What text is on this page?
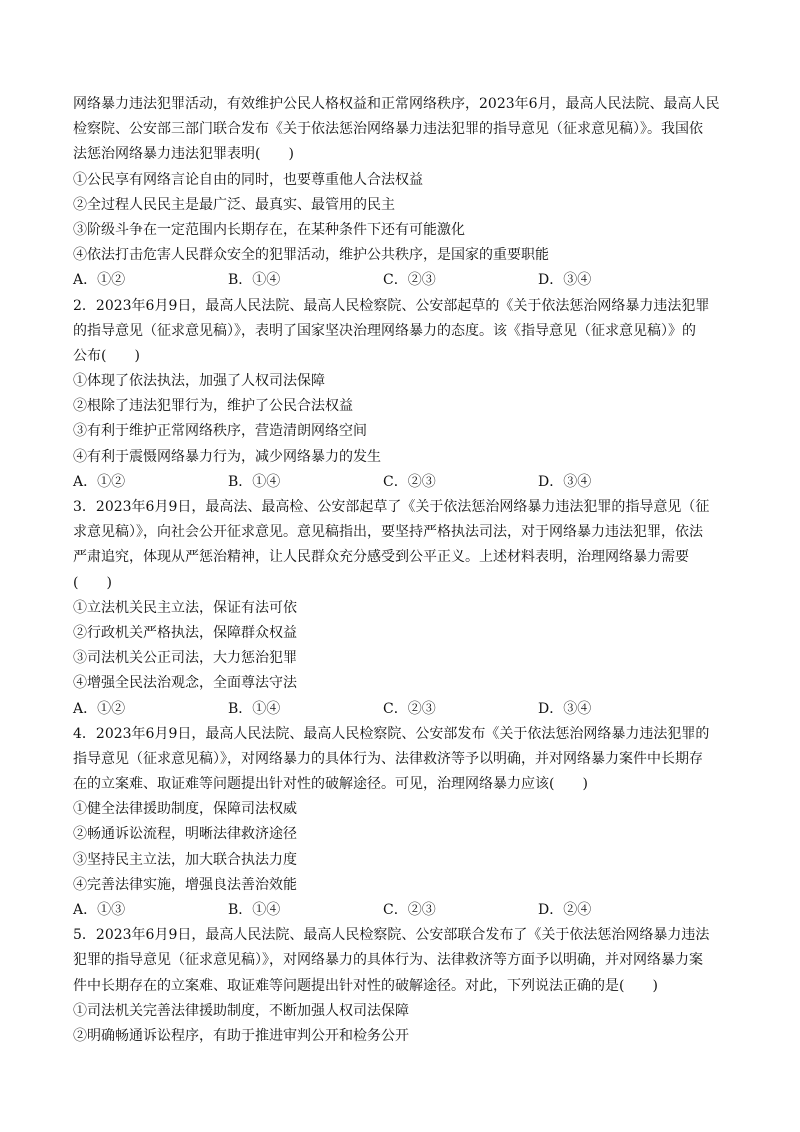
网络暴力违法犯罪活动，有效维护公民人格权益和正常网络秩序，2023年6月，最高人民法院、最高人民
检察院、公安部三部门联合发布《关于依法惩治网络暴力违法犯罪的指导意见（征求意见稿）》。我国依
法惩治网络暴力违法犯罪表明(　　)
①公民享有网络言论自由的同时，也要尊重他人合法权益
②全过程人民民主是最广泛、最真实、最管用的民主
③阶级斗争在一定范围内长期存在，在某种条件下还有可能激化
④依法打击危害人民群众安全的犯罪活动，维护公共秩序，是国家的重要职能
A．①②	B．①④	C．②③	D．③④
2．2023年6月9日，最高人民法院、最高人民检察院、公安部起草的《关于依法惩治网络暴力违法犯罪
的指导意见（征求意见稿）》，表明了国家坚决治理网络暴力的态度。该《指导意见（征求意见稿）》的
公布(　　)
①体现了依法执法，加强了人权司法保障
②根除了违法犯罪行为，维护了公民合法权益
③有利于维护正常网络秩序，营造清朗网络空间
④有利于震慑网络暴力行为，减少网络暴力的发生
A．①②	B．①④	C．②③	D．③④
3．2023年6月9日，最高法、最高检、公安部起草了《关于依法惩治网络暴力违法犯罪的指导意见（征
求意见稿）》，向社会公开征求意见。意见稿指出，要坚持严格执法司法，对于网络暴力违法犯罪，依法
严肃追究，体现从严惩治精神，让人民群众充分感受到公平正义。上述材料表明，治理网络暴力需要
(　　)
①立法机关民主立法，保证有法可依
②行政机关严格执法，保障群众权益
③司法机关公正司法，大力惩治犯罪
④增强全民法治观念，全面尊法守法
A．①②	B．①④	C．②③	D．③④
4．2023年6月9日，最高人民法院、最高人民检察院、公安部发布《关于依法惩治网络暴力违法犯罪的
指导意见（征求意见稿）》，对网络暴力的具体行为、法律救济等予以明确，并对网络暴力案件中长期存
在的立案难、取证难等问题提出针对性的破解途径。可见，治理网络暴力应该(　　)
①健全法律援助制度，保障司法权威
②畅通诉讼流程，明晰法律救济途径
③坚持民主立法，加大联合执法力度
④完善法律实施，增强良法善治效能
A．①③	B．①④	C．②③	D．②④
5．2023年6月9日，最高人民法院、最高人民检察院、公安部联合发布了《关于依法惩治网络暴力违法
犯罪的指导意见（征求意见稿）》，对网络暴力的具体行为、法律救济等方面予以明确，并对网络暴力案
件中长期存在的立案难、取证难等问题提出针对性的破解途径。对此，下列说法正确的是(　　)
①司法机关完善法律援助制度，不断加强人权司法保障
②明确畅通诉讼程序，有助于推进审判公开和检务公开
